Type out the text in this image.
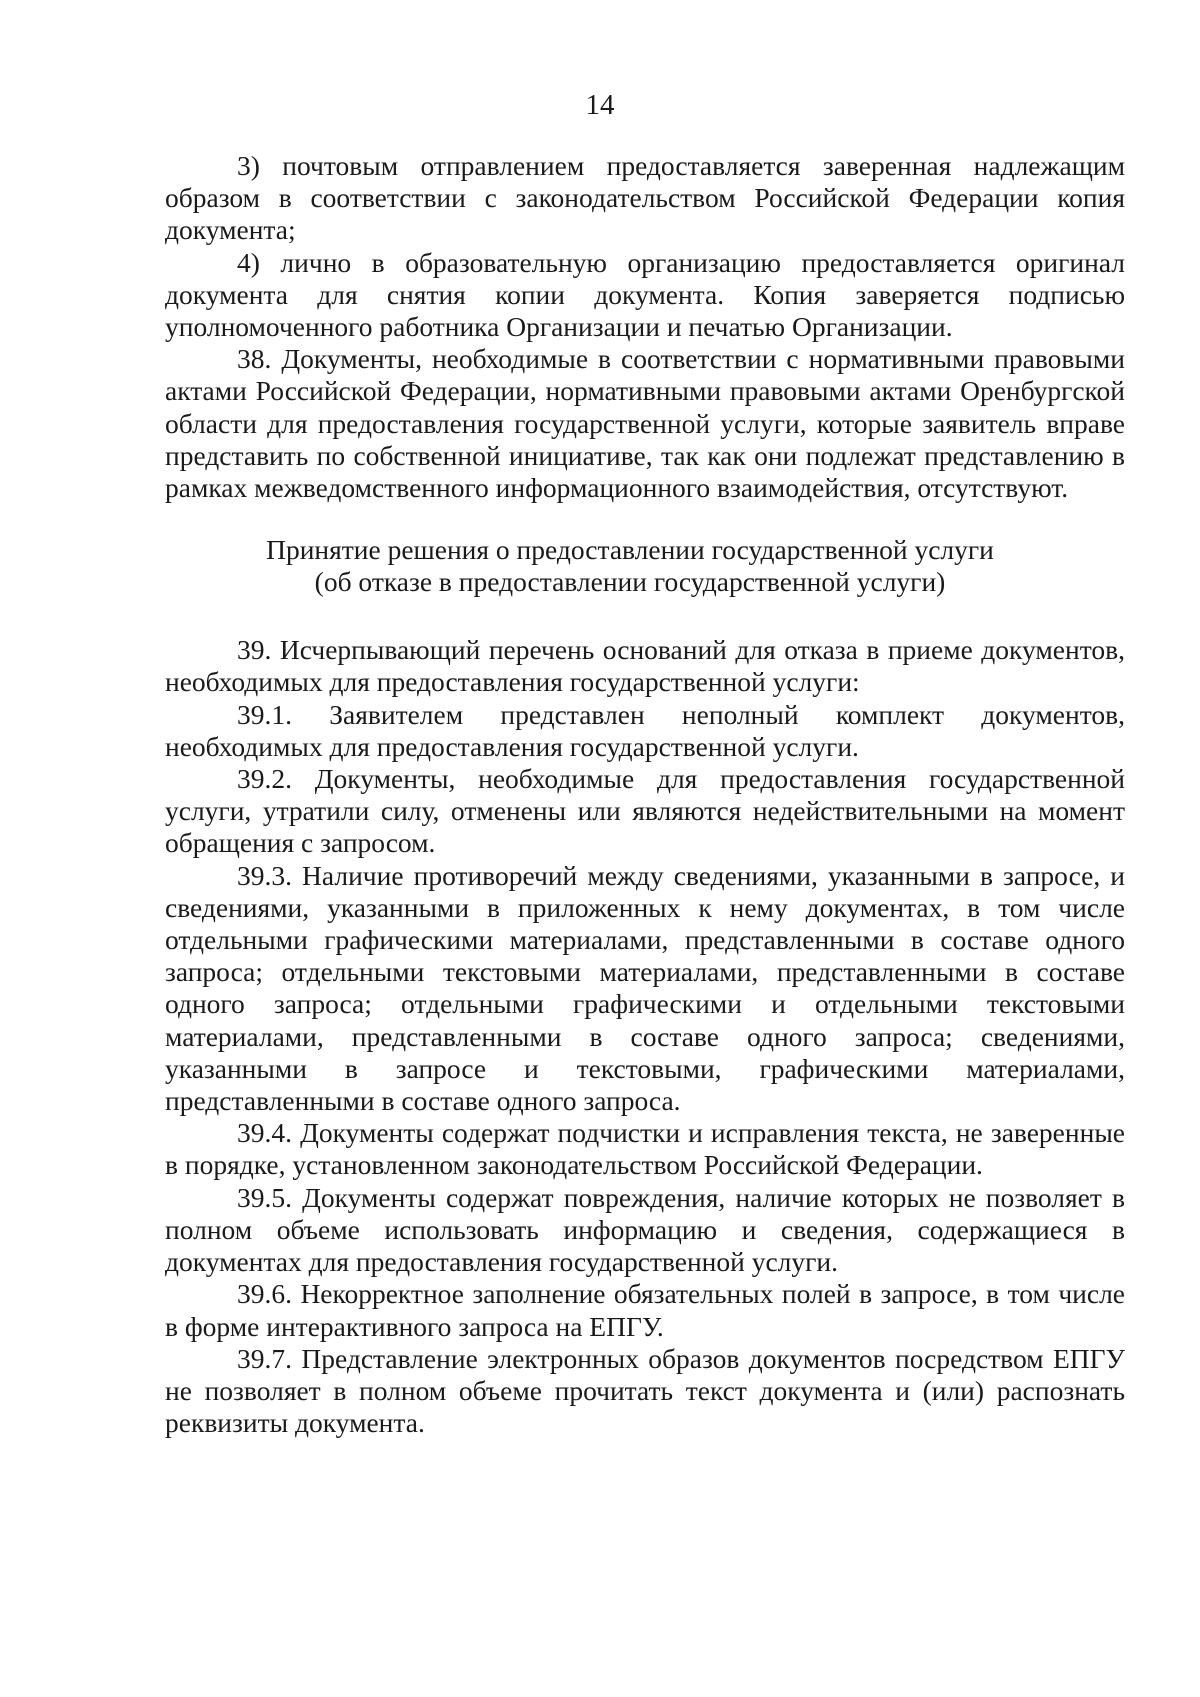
14

3) почтовым отправлением предоставляется заверенная надлежащим образом в соответствии с законодательством Российской Федерации копия документа;

4) лично в образовательную организацию предоставляется оригинал документа для снятия копии документа. Копия заверяется подписью уполномоченного работника Организации и печатью Организации.

38. Документы, необходимые в соответствии с нормативными правовыми актами Российской Федерации, нормативными правовыми актами Оренбургской области для предоставления государственной услуги, которые заявитель вправе представить по собственной инициативе, так как они подлежат представлению в рамках межведомственного информационного взаимодействия, отсутствуют.

Принятие решения о предоставлении государственной услуги (об отказе в предоставлении государственной услуги)

39. Исчерпывающий перечень оснований для отказа в приеме документов, необходимых для предоставления государственной услуги:

39.1. Заявителем представлен неполный комплект документов, необходимых для предоставления государственной услуги.

39.2. Документы, необходимые для предоставления государственной услуги, утратили силу, отменены или являются недействительными на момент обращения с запросом.

39.3. Наличие противоречий между сведениями, указанными в запросе, и сведениями, указанными в приложенных к нему документах, в том числе отдельными графическими материалами, представленными в составе одного запроса; отдельными текстовыми материалами, представленными в составе одного запроса; отдельными графическими и отдельными текстовыми материалами, представленными в составе одного запроса; сведениями, указанными в запросе и текстовыми, графическими материалами, представленными в составе одного запроса.

39.4. Документы содержат подчистки и исправления текста, не заверенные в порядке, установленном законодательством Российской Федерации.

39.5. Документы содержат повреждения, наличие которых не позволяет в полном объеме использовать информацию и сведения, содержащиеся в документах для предоставления государственной услуги.

39.6. Некорректное заполнение обязательных полей в запросе, в том числе в форме интерактивного запроса на ЕПГУ.

39.7. Представление электронных образов документов посредством ЕПГУ не позволяет в полном объеме прочитать текст документа и (или) распознать реквизиты документа.
